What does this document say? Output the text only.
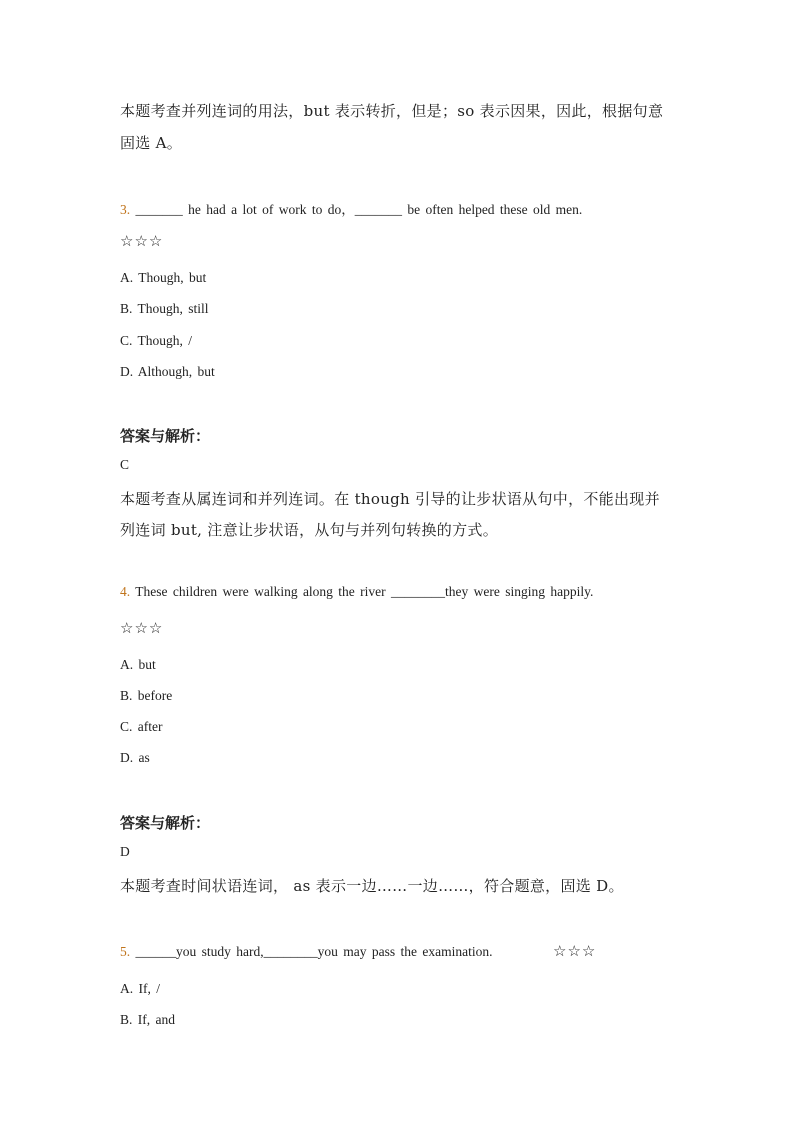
本题考查并列连词的用法，but 表示转折，但是；so 表示因果，因此，根据句意
固选 A。
3. _______ he had a lot of work to do，_______ be often helped these old men.
☆☆☆
A. Though, but
B. Though, still
C. Though, /
D. Although, but
答案与解析：
C
本题考查从属连词和并列连词。在 though 引导的让步状语从句中，不能出现并
列连词 but, 注意让步状语，从句与并列句转换的方式。
4. These children were walking along the river ________they were singing happily.
☆☆☆
A. but
B. before
C. after
D. as
答案与解析：
D
本题考查时间状语连词， as 表示一边……一边……，符合题意，固选 D。
5. ______you study hard,________you may pass the examination.	☆☆☆
A. If, /
B. If, and
